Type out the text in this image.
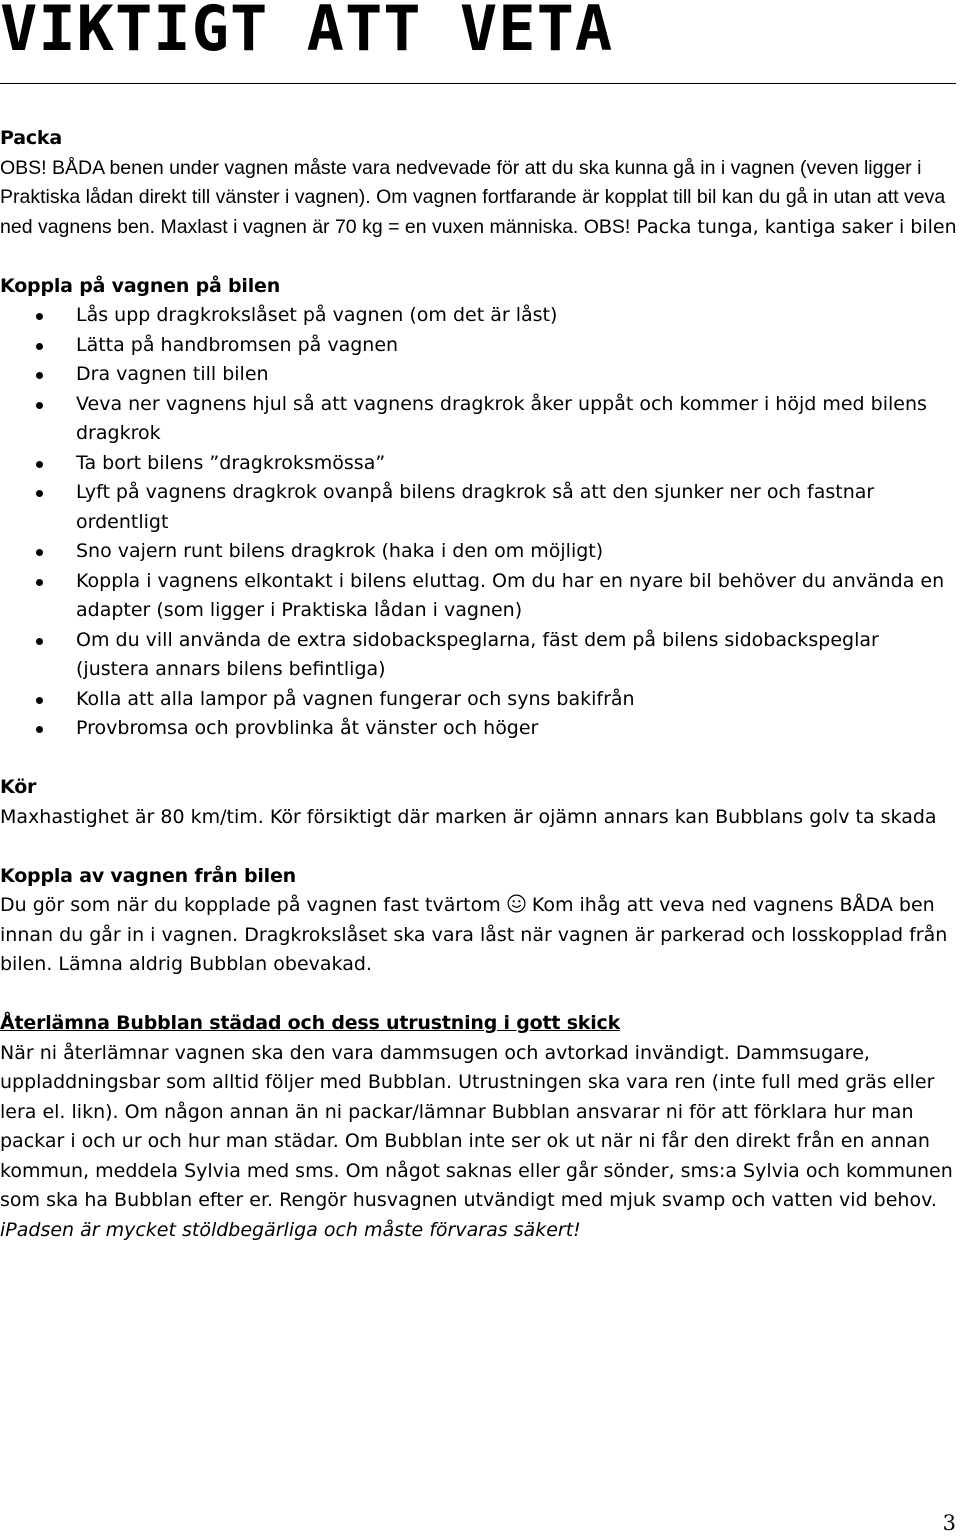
VIKTIGT ATT VETA
Packa

OBS! BÅDA benen under vagnen måste vara nedvevade för att du ska kunna gå in i vagnen (veven ligger i Praktiska lådan direkt till vänster i vagnen). Om vagnen fortfarande är kopplat till bil kan du gå in utan att veva ned vagnens ben. Maxlast i vagnen är 70 kg = en vuxen människa. OBS! Packa tunga, kantiga saker i bilen

Koppla på vagnen på bilen
Lås upp dragkrokslåset på vagnen (om det är låst)
Lätta på handbromsen på vagnen
Dra vagnen till bilen
Veva ner vagnens hjul så att vagnens dragkrok åker uppåt och kommer i höjd med bilens dragkrok
Ta bort bilens ”dragkroksmössa”
Lyft på vagnens dragkrok ovanpå bilens dragkrok så att den sjunker ner och fastnar ordentligt
Sno vajern runt bilens dragkrok (haka i den om möjligt)
Koppla i vagnens elkontakt i bilens eluttag. Om du har en nyare bil behöver du använda en adapter (som ligger i Praktiska lådan i vagnen)
Om du vill använda de extra sidobackspeglarna, fäst dem på bilens sidobackspeglar (justera annars bilens befintliga)
Kolla att alla lampor på vagnen fungerar och syns bakifrån
Provbromsa och provblinka åt vänster och höger
Kör

Maxhastighet är 80 km/tim. Kör försiktigt där marken är ojämn annars kan Bubblans golv ta skada

Koppla av vagnen från bilen

Du gör som när du kopplade på vagnen fast tvärtom  Kom ihåg att veva ned vagnens BÅDA ben innan du går in i vagnen. Dragkrokslåset ska vara låst när vagnen är parkerad och losskopplad från bilen. Lämna aldrig Bubblan obevakad.

Återlämna Bubblan städad och dess utrustning i gott skick

När ni återlämnar vagnen ska den vara dammsugen och avtorkad invändigt. Dammsugare, uppladdningsbar som alltid följer med Bubblan. Utrustningen ska vara ren (inte full med gräs eller lera el. likn). Om någon annan än ni packar/lämnar Bubblan ansvarar ni för att förklara hur man packar i och ur och hur man städar. Om Bubblan inte ser ok ut när ni får den direkt från en annan kommun, meddela Sylvia med sms. Om något saknas eller går sönder, sms:a Sylvia och kommunen som ska ha Bubblan efter er. Rengör husvagnen utvändigt med mjuk svamp och vatten vid behov.

iPadsen är mycket stöldbegärliga och måste förvaras säkert!

3
